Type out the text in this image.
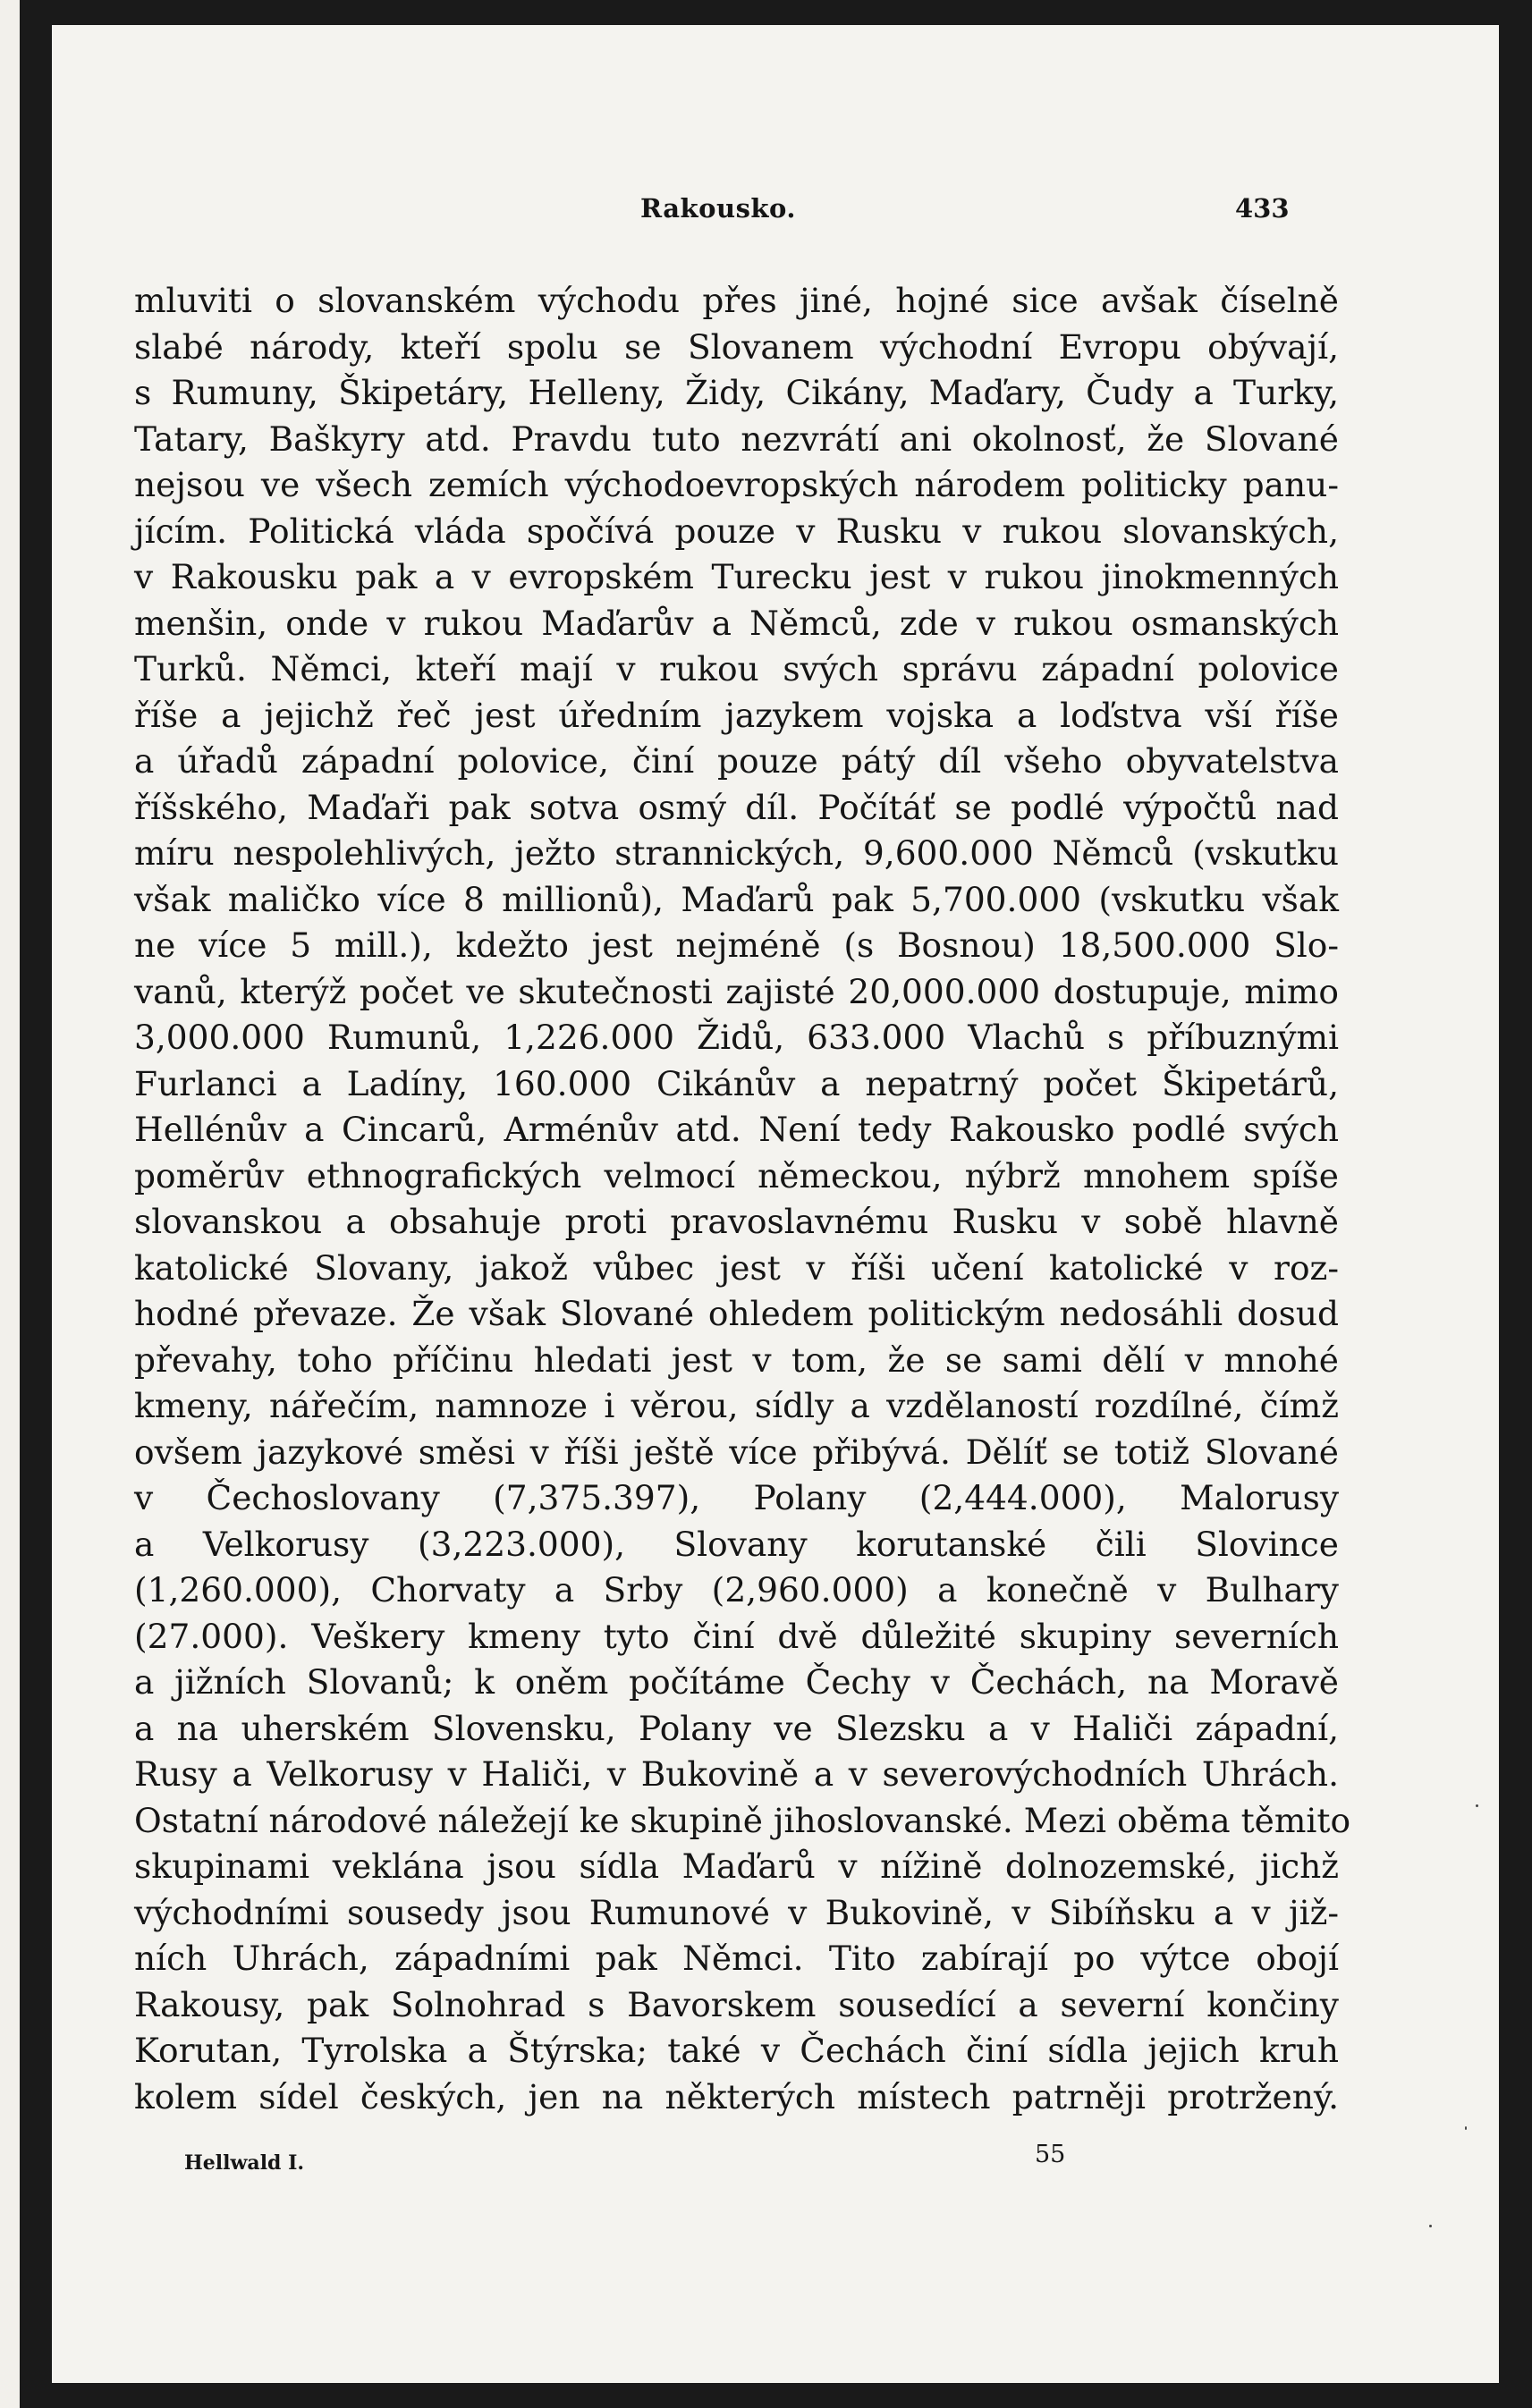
Rakousko.	433
mluviti o slovanském východu přes jiné, hojné sice avšak číselně
slabé národy, kteří spolu se Slovanem východní Evropu obývají,
s Rumuny, Škipetáry, Helleny, Židy, Cikány, Maďary, Čudy a Turky,
Tatary, Baškyry atd. Pravdu tuto nezvrátí ani okolnosť, že Slované
nejsou ve všech zemích východoevropských národem politicky panu-
jícím. Politická vláda spočívá pouze v Rusku v rukou slovanských,
v Rakousku pak a v evropském Turecku jest v rukou jinokmenných
menšin, onde v rukou Maďarův a Němců, zde v rukou osmanských
Turků. Němci, kteří mají v rukou svých správu západní polovice
říše a jejichž řeč jest úředním jazykem vojska a loďstva vší říše
a úřadů západní polovice, činí pouze pátý díl všeho obyvatelstva
říšského, Maďaři pak sotva osmý díl. Počítáť se podlé výpočtů nad
míru nespolehlivých, ježto strannických, 9,600.000 Němců (vskutku
však maličko více 8 millionů), Maďarů pak 5,700.000 (vskutku však
ne více 5 mill.), kdežto jest nejméně (s Bosnou) 18,500.000 Slo-
vanů, kterýž počet ve skutečnosti zajisté 20,000.000 dostupuje, mimo
3,000.000 Rumunů, 1,226.000 Židů, 633.000 Vlachů s příbuznými
Furlanci a Ladíny, 160.000 Cikánův a nepatrný počet Škipetárů,
Hellénův a Cincarů, Arménův atd. Není tedy Rakousko podlé svých
poměrův ethnografických velmocí německou, nýbrž mnohem spíše
slovanskou a obsahuje proti pravoslavnému Rusku v sobě hlavně
katolické Slovany, jakož vůbec jest v říši učení katolické v roz-
hodné převaze. Že však Slované ohledem politickým nedosáhli dosud
převahy, toho příčinu hledati jest v tom, že se sami dělí v mnohé
kmeny, nářečím, namnoze i věrou, sídly a vzdělaností rozdílné, čímž
ovšem jazykové směsi v říši ještě více přibývá. Dělíť se totiž Slované
v Čechoslovany (7,375.397), Polany (2,444.000), Malorusy
a Velkorusy (3,223.000), Slovany korutanské čili Slovince
(1,260.000), Chorvaty a Srby (2,960.000) a konečně v Bulhary
(27.000). Veškery kmeny tyto činí dvě důležité skupiny severních
a jižních Slovanů; k oněm počítáme Čechy v Čechách, na Moravě
a na uherském Slovensku, Polany ve Slezsku a v Haliči západní,
Rusy a Velkorusy v Haliči, v Bukovině a v severovýchodních Uhrách.
Ostatní národové náležejí ke skupině jihoslovanské. Mezi oběma těmito
skupinami veklána jsou sídla Maďarů v nížině dolnozemské, jichž
východními sousedy jsou Rumunové v Bukovině, v Sibíňsku a v již-
ních Uhrách, západními pak Němci. Tito zabírají po výtce obojí
Rakousy, pak Solnohrad s Bavorskem sousedící a severní končiny
Korutan, Tyrolska a Štýrska; také v Čechách činí sídla jejich kruh
kolem sídel českých, jen na některých místech patrněji protržený.
Hellwald I.	55
